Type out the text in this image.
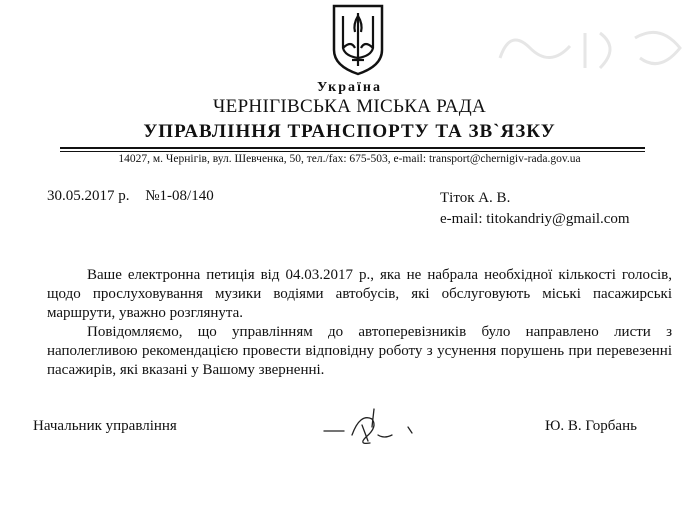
Україна
ЧЕРНІГІВСЬКА МІСЬКА РАДА
УПРАВЛІННЯ ТРАНСПОРТУ ТА ЗВ`ЯЗКУ
14027, м. Чернігів, вул. Шевченка, 50, тел./fax: 675-503, e-mail: transport@chernigiv-rada.gov.ua
30.05.2017 р. №1-08/140	Тіток А. В.
e-mail: titokandriy@gmail.com

Ваше електронна петиція від 04.03.2017 р., яка не набрала необхідної кількості голосів, щодо прослуховування музики водіями автобусів, які обслуговують міські пасажирські маршрути, уважно розглянута.

Повідомляємо, що управлінням до автоперевізників було направлено листи з наполегливою рекомендацією провести відповідну роботу з усунення порушень при перевезенні пасажирів, які вказані у Вашому зверненні.

Начальник управління	Ю. В. Горбань
